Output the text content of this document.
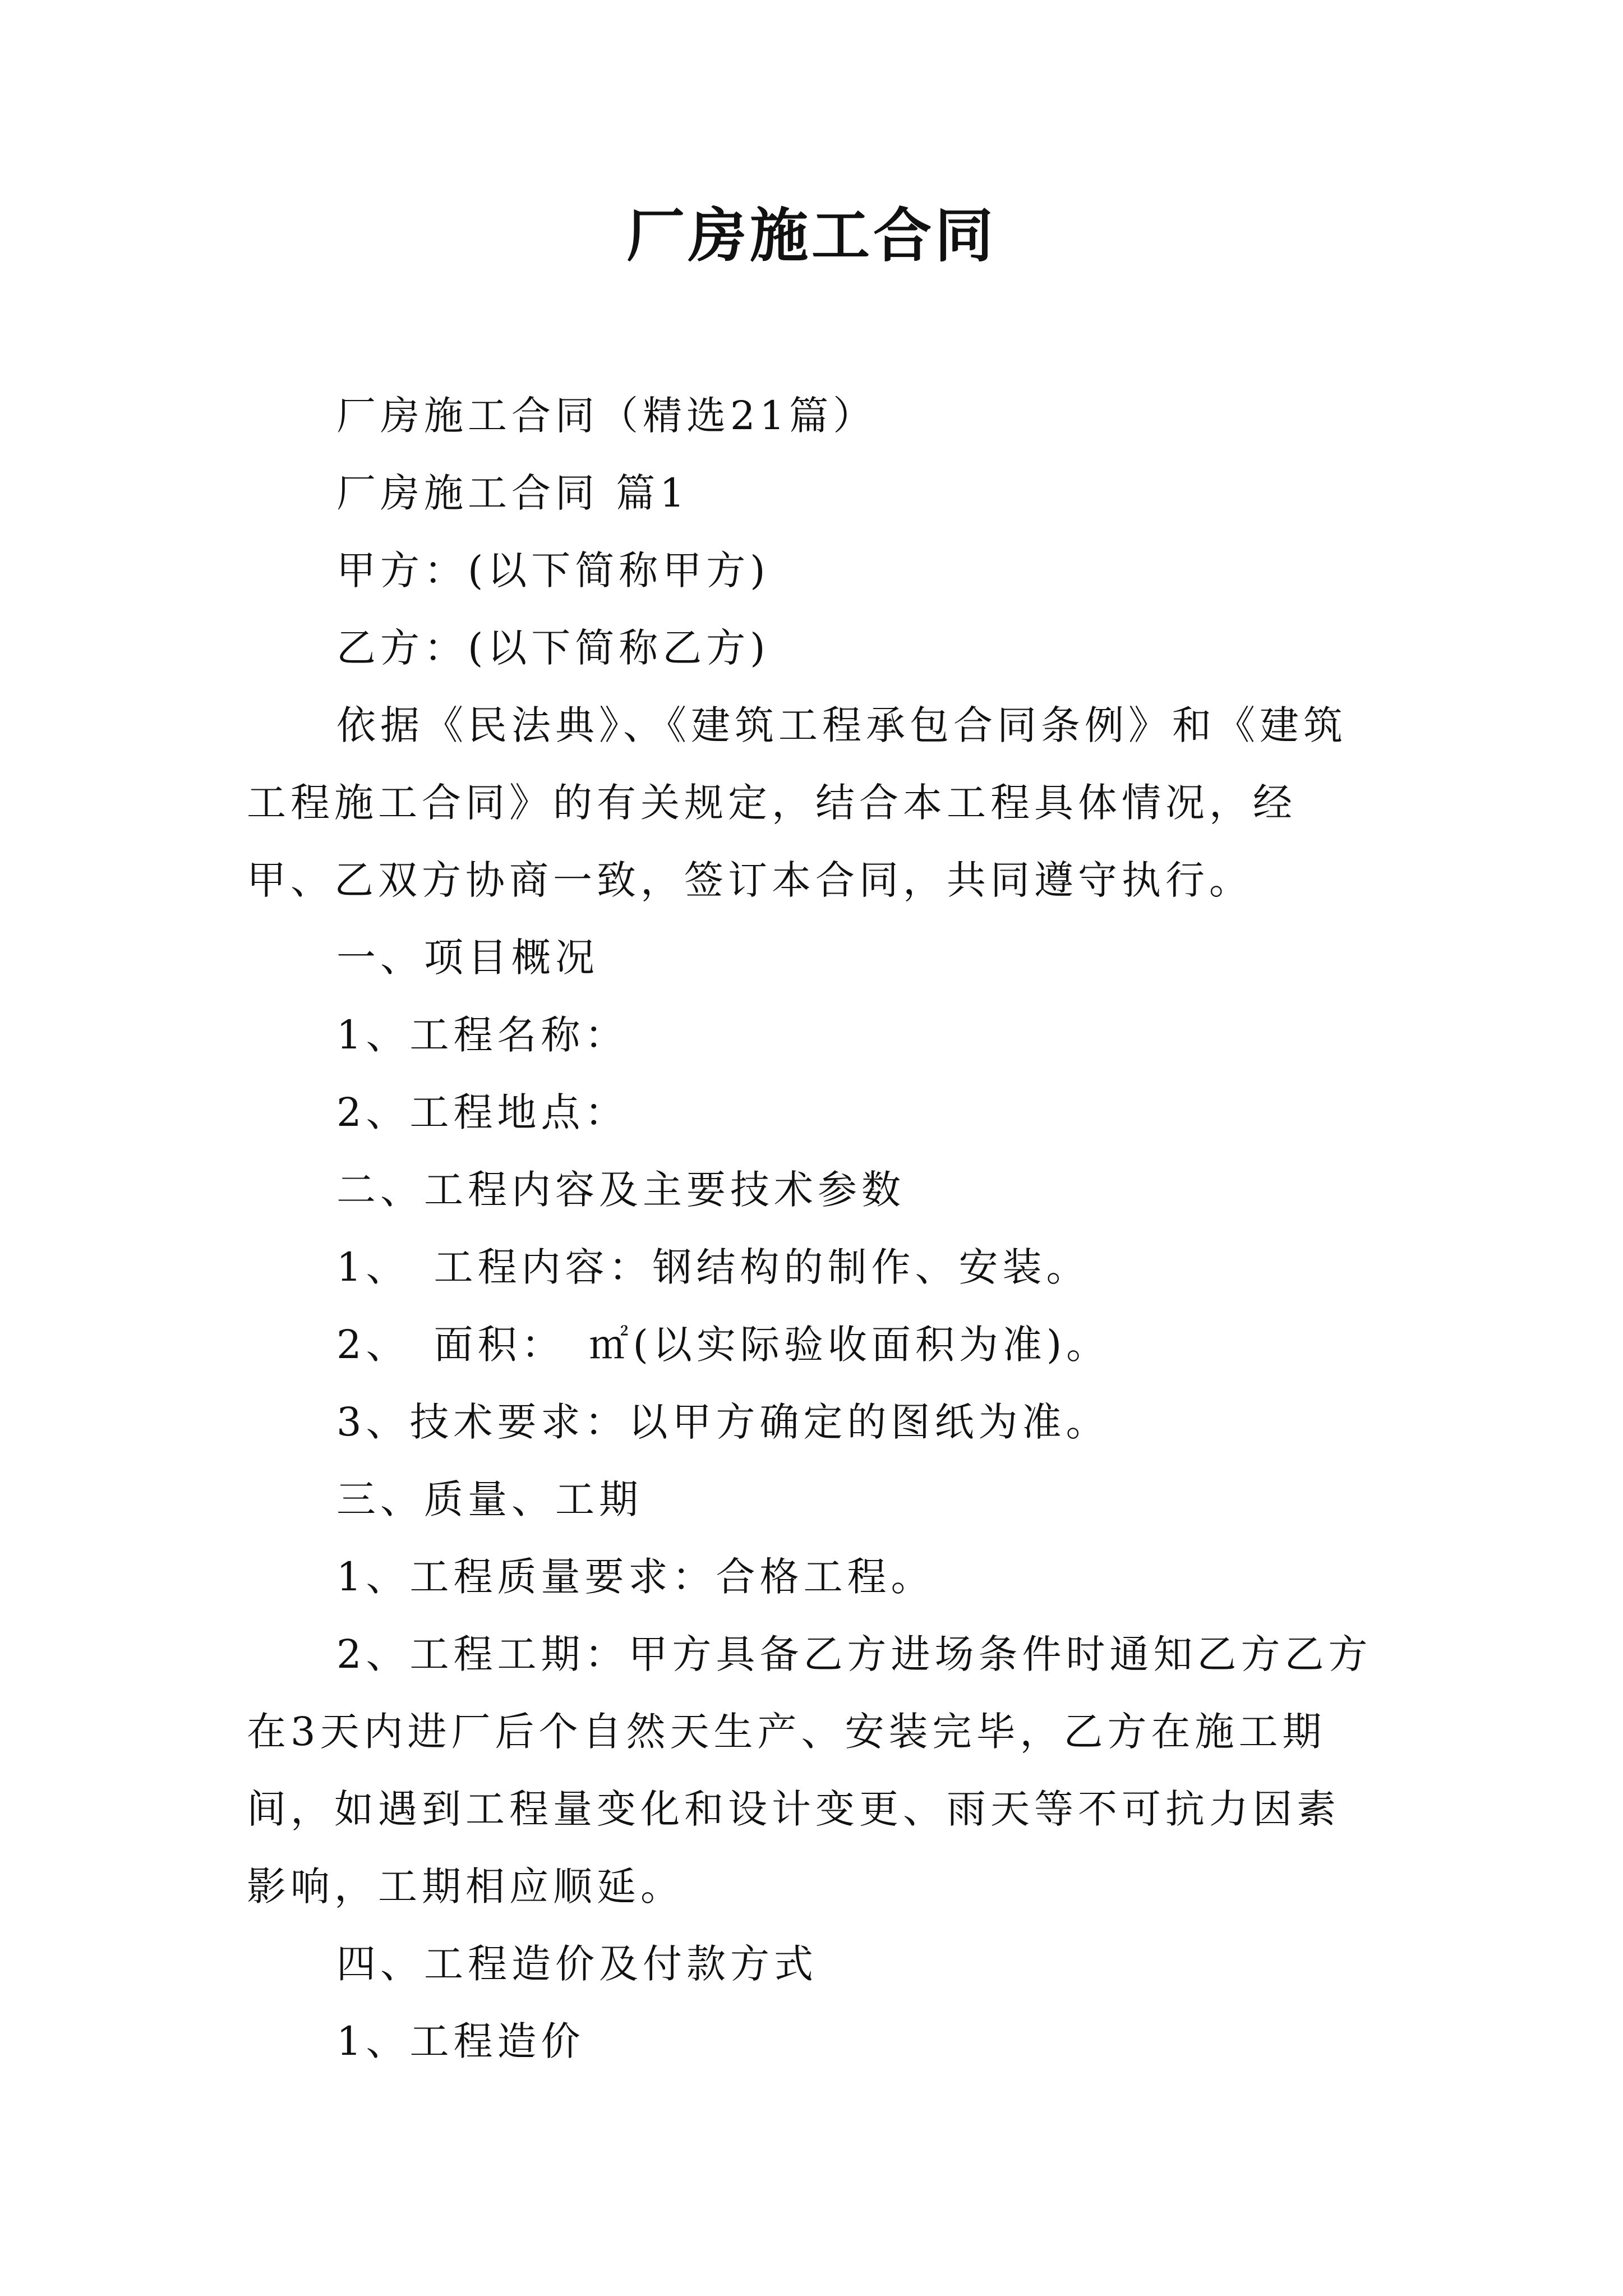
厂房施工合同

厂房施工合同（精选21篇）

厂房施工合同 篇1

甲方：(以下简称甲方)

乙方：(以下简称乙方)

依据《民法典》、《建筑工程承包合同条例》和《建筑工程施工合同》的有关规定，结合本工程具体情况，经甲、乙双方协商一致，签订本合同，共同遵守执行。

一、项目概况

1、工程名称：

2、工程地点：

二、工程内容及主要技术参数

1、　工程内容：钢结构的制作、安装。

2、　面积：　㎡(以实际验收面积为准)。

3、技术要求：以甲方确定的图纸为准。

三、质量、工期

1、工程质量要求：合格工程。

2、工程工期：甲方具备乙方进场条件时通知乙方乙方在3天内进厂后个自然天生产、安装完毕，乙方在施工期间，如遇到工程量变化和设计变更、雨天等不可抗力因素影响，工期相应顺延。

四、工程造价及付款方式

1、工程造价
